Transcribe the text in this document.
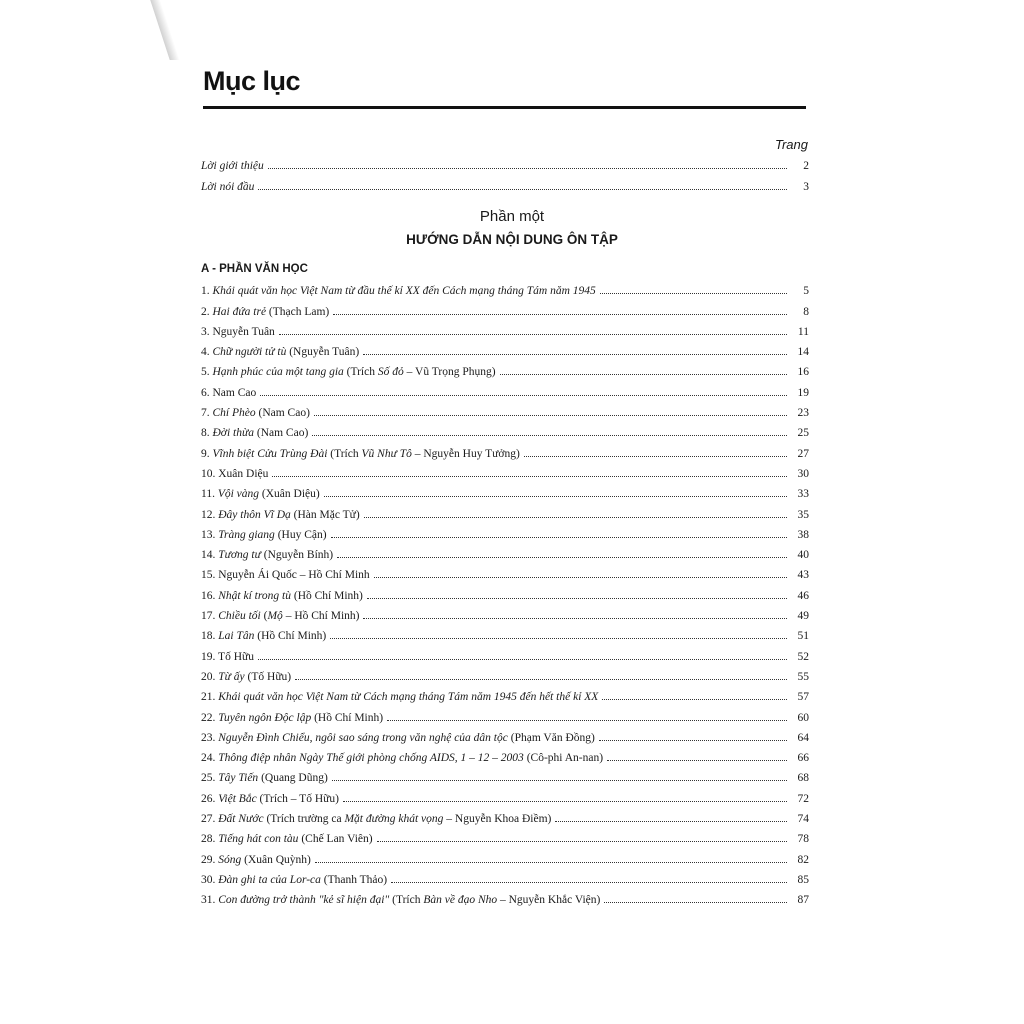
Mục lục
Trang
Lời giới thiệu	2
Lời nói đầu	3
Phần một
HƯỚNG DẪN NỘI DUNG ÔN TẬP
A - PHẦN VĂN HỌC
1. Khái quát văn học Việt Nam từ đầu thế kỉ XX đến Cách mạng tháng Tám năm 1945	5
2. Hai đứa trẻ (Thạch Lam)	8
3. Nguyễn Tuân	11
4. Chữ người tử tù (Nguyễn Tuân)	14
5. Hạnh phúc của một tang gia (Trích Số đỏ – Vũ Trọng Phụng)	16
6. Nam Cao	19
7. Chí Phèo (Nam Cao)	23
8. Đời thừa (Nam Cao)	25
9. Vĩnh biệt Cửu Trùng Đài (Trích Vũ Như Tô – Nguyễn Huy Tưởng)	27
10. Xuân Diệu	30
11. Vội vàng (Xuân Diệu)	33
12. Đây thôn Vĩ Dạ (Hàn Mặc Tử)	35
13. Tràng giang (Huy Cận)	38
14. Tương tư (Nguyễn Bính)	40
15. Nguyễn Ái Quốc – Hồ Chí Minh	43
16. Nhật kí trong tù (Hồ Chí Minh)	46
17. Chiều tối (Mộ – Hồ Chí Minh)	49
18. Lai Tân (Hồ Chí Minh)	51
19. Tố Hữu	52
20. Từ ấy (Tố Hữu)	55
21. Khái quát văn học Việt Nam từ Cách mạng tháng Tám năm 1945 đến hết thế kỉ XX	57
22. Tuyên ngôn Độc lập (Hồ Chí Minh)	60
23. Nguyễn Đình Chiểu, ngôi sao sáng trong văn nghệ của dân tộc (Phạm Văn Đồng)	64
24. Thông điệp nhân Ngày Thế giới phòng chống AIDS, 1 – 12 – 2003 (Cô-phi An-nan)	66
25. Tây Tiến (Quang Dũng)	68
26. Việt Bắc (Trích – Tố Hữu)	72
27. Đất Nước (Trích trường ca Mặt đường khát vọng – Nguyễn Khoa Điềm)	74
28. Tiếng hát con tàu (Chế Lan Viên)	78
29. Sóng (Xuân Quỳnh)	82
30. Đàn ghi ta của Lor-ca (Thanh Thảo)	85
31. Con đường trở thành "kẻ sĩ hiện đại" (Trích Bàn về đạo Nho – Nguyễn Khắc Viện)	87
